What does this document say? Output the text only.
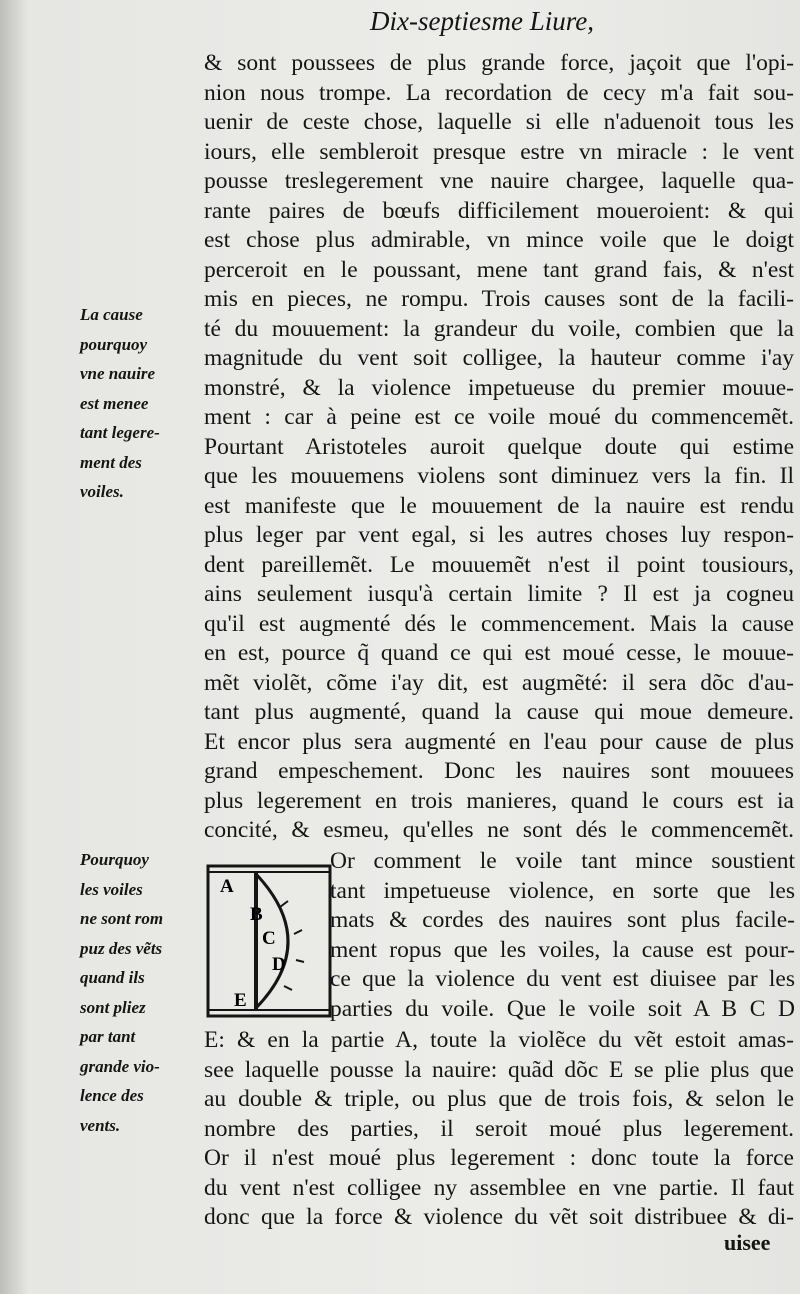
Dix-septiesme Liure,
& sont poussees de plus grande force, jaçoit que l'opi-
nion nous trompe. La recordation de cecy m'a fait sou-
uenir de ceste chose, laquelle si elle n'aduenoit tous les
iours, elle sembleroit presque estre vn miracle : le vent
pousse treslegerement vne nauire chargee, laquelle qua-
rante paires de bœufs difficilement moueroient: & qui
est chose plus admirable, vn mince voile que le doigt
perceroit en le poussant, mene tant grand fais, & n'est
mis en pieces, ne rompu. Trois causes sont de la facili-
té du mouuement: la grandeur du voile, combien que la
magnitude du vent soit colligee, la hauteur comme i'ay
monstré, & la violence impetueuse du premier mouue-
ment : car à peine est ce voile moué du commencemẽt.
Pourtant Aristoteles auroit quelque doute qui estime
que les mouuemens violens sont diminuez vers la fin. Il
est manifeste que le mouuement de la nauire est rendu
plus leger par vent egal, si les autres choses luy respon-
dent pareillemẽt. Le mouuemẽt n'est il point tousiours,
ains seulement iusqu'à certain limite ? Il est ja cogneu
qu'il est augmenté dés le commencement. Mais la cause
en est, pource q̃ quand ce qui est moué cesse, le mouue-
mẽt violẽt, cõme i'ay dit, est augmẽté: il sera dõc d'au-
tant plus augmenté, quand la cause qui moue demeure.
Et encor plus sera augmenté en l'eau pour cause de plus
grand empeschement. Donc les nauires sont mouuees
plus legerement en trois manieres, quand le cours est ia
concité, & esmeu, qu'elles ne sont dés le commencemẽt.
La cause
pourquoy
vne nauire
est menee
tant legere-
ment des
voiles.
Pourquoy
les voiles
ne sont rom
puz des vẽts
quand ils
sont pliez
par tant
grande vio-
lence des
vents.
A
B
C
D
E
Or comment le voile tant mince soustient
tant impetueuse violence, en sorte que les
mats & cordes des nauires sont plus facile-
ment ropus que les voiles, la cause est pour-
ce que la violence du vent est diuisee par les
parties du voile. Que le voile soit A B C D
E: & en la partie A, toute la violẽce du vẽt estoit amas-
see laquelle pousse la nauire: quãd dõc E se plie plus que
au double & triple, ou plus que de trois fois, & selon le
nombre des parties, il seroit moué plus legerement.
Or il n'est moué plus legerement : donc toute la force
du vent n'est colligee ny assemblee en vne partie. Il faut
donc que la force & violence du vẽt soit distribuee & di-
uisee
